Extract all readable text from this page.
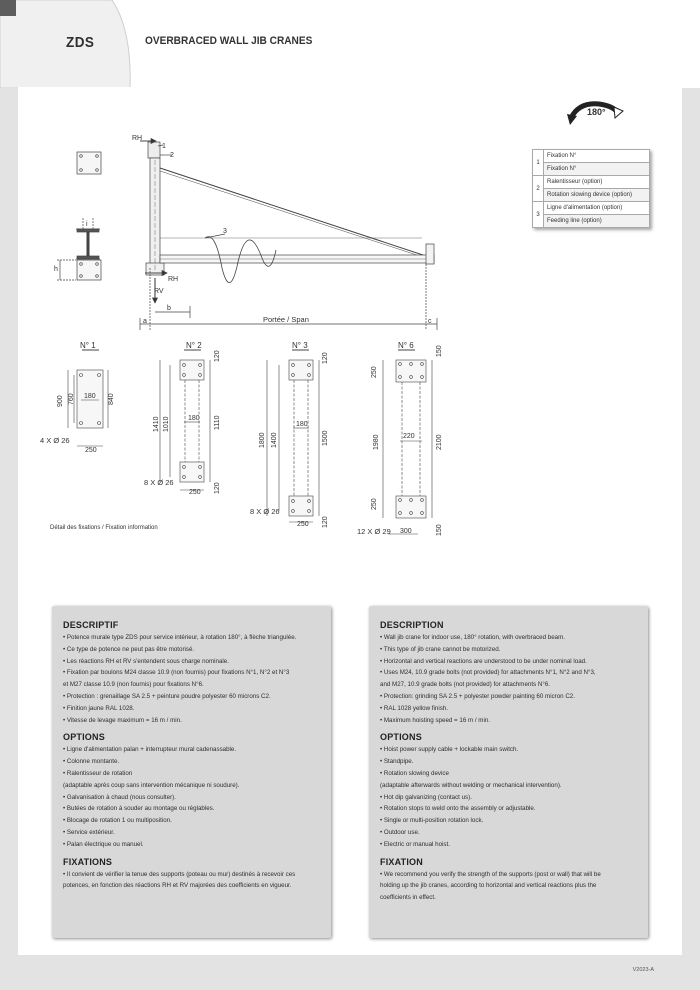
ZDS	OVERBRACED WALL JIB CRANES
180°
1	Fixation N°
	Fixation N°
2	Ralentisseur (option)
	Rotation slowing device (option)
3	Ligne d'alimentation (option)
	Feeding line (option)
RH
1
2
3
i
h
RH
RV
a
b
c
Portée / Span
N° 1
900 760 180 840
250
4 X Ø 26
N° 2
120
1410 1010	180 1110
250 120
8 X Ø 26
N° 3
120
1800 1400
180
1500
250 120
8 X Ø 26
N° 6	150
250
1980	220	2100
250
300	150
12 X Ø 29
Détail des fixations / Fixation information
DESCRIPTIF
• Potence murale type ZDS pour service intérieur, à rotation 180°, à flèche triangulée.
• Ce type de potence ne peut pas être motorisé.
• Les réactions RH et RV s'entendent sous charge nominale.
• Fixation par boulons M24 classe 10.9 (non fournis) pour fixations N°1, N°2 et N°3
et M27 classe 10.9 (non fournis) pour fixations N°6.
• Protection : grenaillage SA 2.5 + peinture poudre polyester 60 microns C2.
• Finition jaune RAL 1028.
• Vitesse de levage maximum = 16 m / min.
OPTIONS
• Ligne d'alimentation palan + interrupteur mural cadenassable.
• Colonne montante.
• Ralentisseur de rotation
(adaptable après coup sans intervention mécanique ni soudure).
• Galvanisation à chaud (nous consulter).
• Butées de rotation à souder au montage ou réglables.
• Blocage de rotation 1 ou multiposition.
• Service extérieur.
• Palan électrique ou manuel.
FIXATIONS
• Il convient de vérifier la tenue des supports (poteau ou mur) destinés à recevoir ces
potences, en fonction des réactions RH et RV majorées des coefficients en vigueur.
DESCRIPTION
• Wall jib crane for indoor use, 180° rotation, with overbraced beam.
• This type of jib crane cannot be motorized.
• Horizontal and vertical reactions are understood to be under nominal load.
• Uses M24, 10.9 grade bolts (not provided) for attachments N°1, N°2 and N°3,
and M27, 10.9 grade bolts (not provided) for attachments N°6.
• Protection: grinding SA 2.5 + polyester powder painting 60 micron C2.
• RAL 1028 yellow finish.
• Maximum hoisting speed = 16 m / min.
OPTIONS
• Hoist power supply cable + lockable main switch.
• Standpipe.
• Rotation slowing device
(adaptable afterwards without welding or mechanical intervention).
• Hot dip galvanizing (contact us).
• Rotation stops to weld onto the assembly or adjustable.
• Single or multi-position rotation lock.
• Outdoor use.
• Electric or manual hoist.
FIXATION
• We recommend you verify the strength of the supports (post or wall) that will be
holding up the jib cranes, according to horizontal and vertical reactions plus the
coefficients in effect.
V2023-A
